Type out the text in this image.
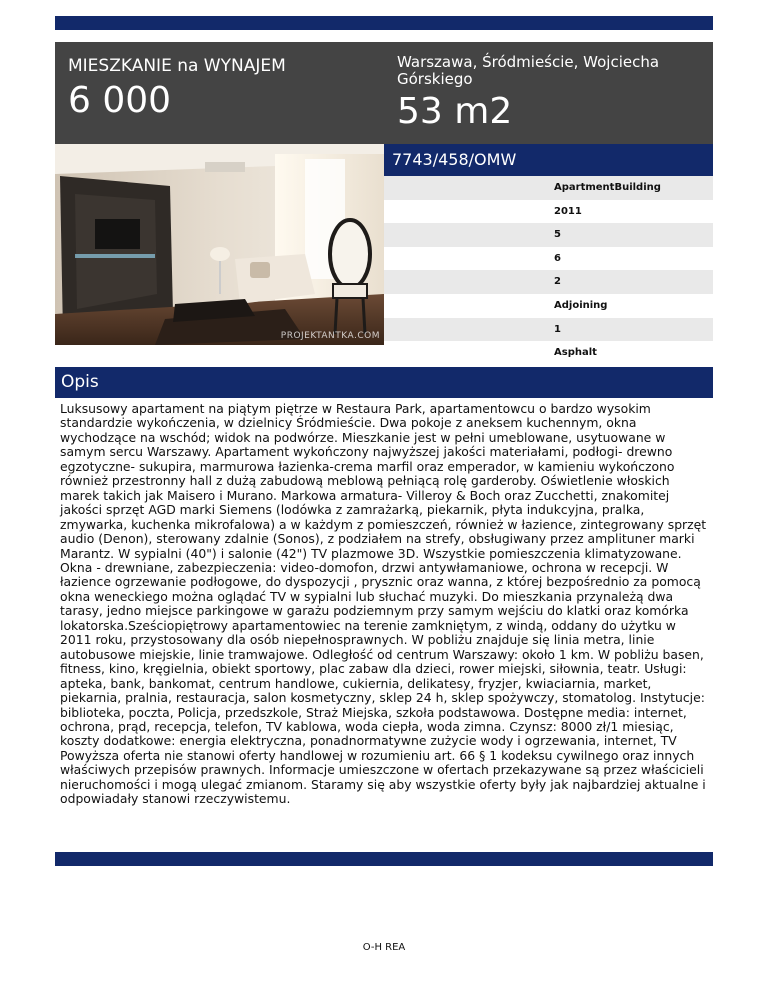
MIESZKANIE na WYNAJEM
6 000
Warszawa, Śródmieście, Wojciecha Górskiego
53 m2
PROJEKTANTKA.COM
7743/458/OMW
ApartmentBuilding
2011
5
6
2
Adjoining
1
Asphalt
Opis

Luksusowy apartament na piątym piętrze w Restaura Park, apartamentowcu o bardzo wysokim standardzie wykończenia, w dzielnicy Śródmieście. Dwa pokoje z aneksem kuchennym, okna wychodzące na wschód; widok na podwórze. Mieszkanie jest w pełni umeblowane, usytuowane w samym sercu Warszawy. Apartament wykończony najwyższej jakości materiałami, podłogi- drewno egzotyczne- sukupira, marmurowa łazienka-crema marfil oraz emperador, w kamieniu wykończono również przestronny hall z dużą zabudową meblową pełniącą rolę garderoby. Oświetlenie włoskich marek takich jak Maisero i Murano. Markowa armatura- Villeroy & Boch oraz Zucchetti, znakomitej jakości sprzęt AGD marki Siemens (lodówka z zamrażarką, piekarnik, płyta indukcyjna, pralka, zmywarka, kuchenka mikrofalowa) a w każdym z pomieszczeń, również w łazience, zintegrowany sprzęt audio (Denon), sterowany zdalnie (Sonos), z podziałem na strefy, obsługiwany przez amplituner marki Marantz. W sypialni (40") i salonie (42") TV plazmowe 3D. Wszystkie pomieszczenia klimatyzowane. Okna - drewniane, zabezpieczenia: video-domofon, drzwi antywłamaniowe, ochrona w recepcji. W łazience ogrzewanie podłogowe, do dyspozycji , prysznic oraz wanna, z której bezpośrednio za pomocą okna weneckiego można oglądać TV w sypialni lub słuchać muzyki. Do mieszkania przynależą dwa tarasy, jedno miejsce parkingowe w garażu podziemnym przy samym wejściu do klatki oraz komórka lokatorska.Sześciopiętrowy apartamentowiec na terenie zamkniętym, z windą, oddany do użytku w 2011 roku, przystosowany dla osób niepełnosprawnych. W pobliżu znajduje się linia metra, linie autobusowe miejskie, linie tramwajowe. Odległość od centrum Warszawy: około 1 km. W pobliżu basen, fitness, kino, kręgielnia, obiekt sportowy, plac zabaw dla dzieci, rower miejski, siłownia, teatr. Usługi: apteka, bank, bankomat, centrum handlowe, cukiernia, delikatesy, fryzjer, kwiaciarnia, market, piekarnia, pralnia, restauracja, salon kosmetyczny, sklep 24 h, sklep spożywczy, stomatolog. Instytucje: biblioteka, poczta, Policja, przedszkole, Straż Miejska, szkoła podstawowa. Dostępne media: internet, ochrona, prąd, recepcja, telefon, TV kablowa, woda ciepła, woda zimna. Czynsz: 8000 zł/1 miesiąc, koszty dodatkowe: energia elektryczna, ponadnormatywne zużycie wody i ogrzewania, internet, TV

Powyższa oferta nie stanowi oferty handlowej w rozumieniu art. 66 § 1 kodeksu cywilnego oraz innych właściwych przepisów prawnych. Informacje umieszczone w ofertach przekazywane są przez właścicieli nieruchomości i mogą ulegać zmianom. Staramy się aby wszystkie oferty były jak najbardziej aktualne i odpowiadały stanowi rzeczywistemu.

O-H REA
